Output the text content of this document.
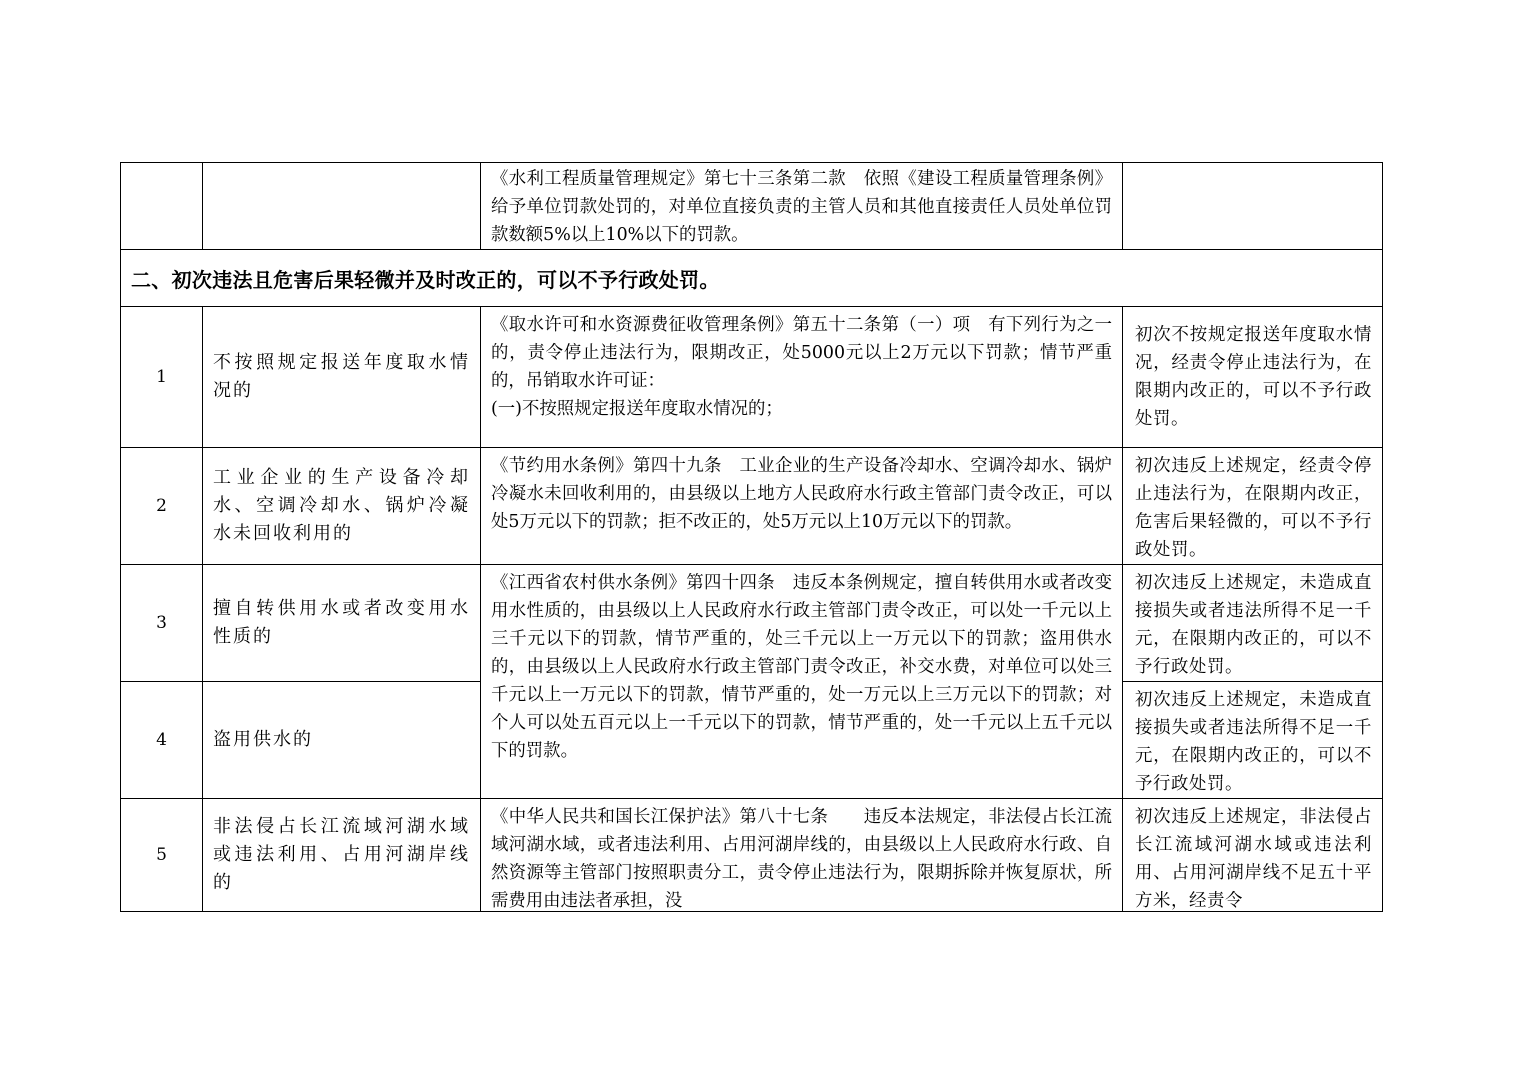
		《水利工程质量管理规定》第七十三条第二款　依照《建设工程质量管理条例》给予单位罚款处罚的，对单位直接负责的主管人员和其他直接责任人员处单位罚款数额5%以上10%以下的罚款。	

二、初次违法且危害后果轻微并及时改正的，可以不予行政处罚。			

1	不按照规定报送年度取水情况的	《取水许可和水资源费征收管理条例》第五十二条第（一）项　有下列行为之一的，责令停止违法行为，限期改正，处5000元以上2万元以下罚款；情节严重的，吊销取水许可证：
(一)不按照规定报送年度取水情况的；	初次不按规定报送年度取水情况，经责令停止违法行为，在限期内改正的，可以不予行政处罚。

2	工业企业的生产设备冷却水、空调冷却水、锅炉冷凝水未回收利用的	《节约用水条例》第四十九条　工业企业的生产设备冷却水、空调冷却水、锅炉冷凝水未回收利用的，由县级以上地方人民政府水行政主管部门责令改正，可以处5万元以下的罚款；拒不改正的，处5万元以上10万元以下的罚款。	初次违反上述规定，经责令停止违法行为，在限期内改正，危害后果轻微的，可以不予行政处罚。

3	擅自转供用水或者改变用水性质的	《江西省农村供水条例》第四十四条　违反本条例规定，擅自转供用水或者改变用水性质的，由县级以上人民政府水行政主管部门责令改正，可以处一千元以上三千元以下的罚款，情节严重的，处三千元以上一万元以下的罚款；盗用供水的，由县级以上人民政府水行政主管部门责令改正，补交水费，对单位可以处三千元以上一万元以下的罚款，情节严重的，处一万元以上三万元以下的罚款；对个人可以处五百元以上一千元以下的罚款，情节严重的，处一千元以上五千元以下的罚款。	初次违反上述规定，未造成直接损失或者违法所得不足一千元，在限期内改正的，可以不予行政处罚。

4	盗用供水的		初次违反上述规定，未造成直接损失或者违法所得不足一千元，在限期内改正的，可以不予行政处罚。

5	非法侵占长江流域河湖水域或违法利用、占用河湖岸线的	《中华人民共和国长江保护法》第八十七条　　违反本法规定，非法侵占长江流域河湖水域，或者违法利用、占用河湖岸线的，由县级以上人民政府水行政、自然资源等主管部门按照职责分工，责令停止违法行为，限期拆除并恢复原状，所需费用由违法者承担，没	初次违反上述规定，非法侵占长江流域河湖水域或违法利用、占用河湖岸线不足五十平方米，经责令
